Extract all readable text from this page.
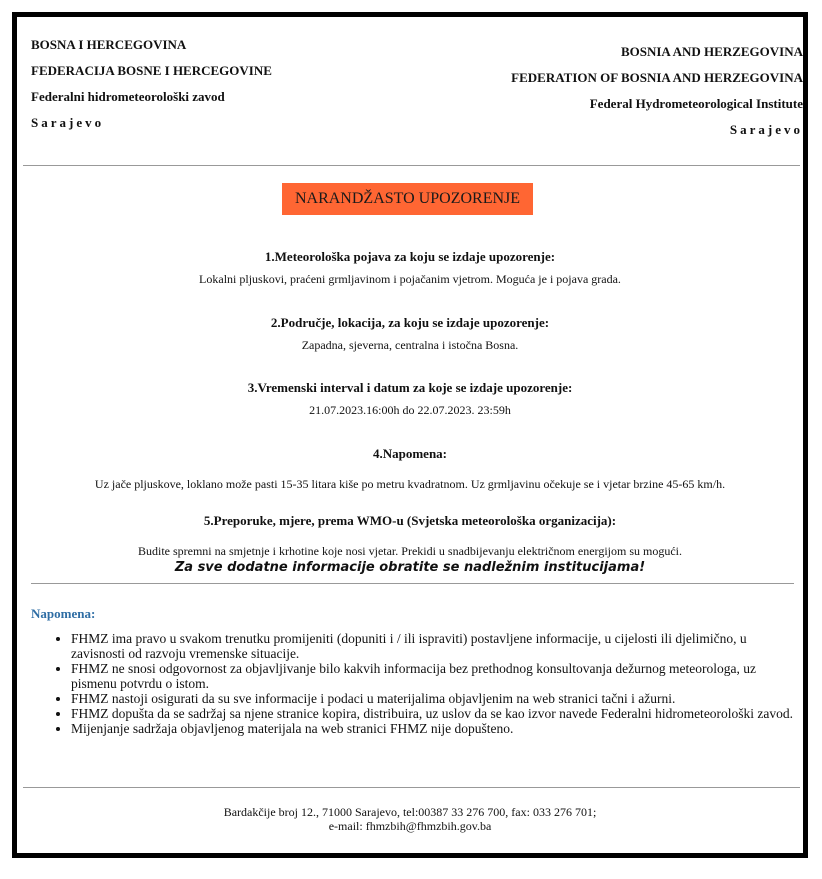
BOSNA I HERCEGOVINA
FEDERACIJA BOSNE I HERCEGOVINE
Federalni hidrometeorološki zavod
Sarajevo
BOSNIA AND HERZEGOVINA
FEDERATION OF BOSNIA AND HERZEGOVINA
Federal Hydrometeorological Institute
Sarajevo
NARANDŽASTO UPOZORENJE
1.Meteorološka pojava za koju se izdaje upozorenje:
Lokalni pljuskovi, praćeni grmljavinom i pojačanim vjetrom. Moguća je i pojava grada.
2.Područje, lokacija, za koju se izdaje upozorenje:
Zapadna, sjeverna, centralna i istočna Bosna.
3.Vremenski interval i datum za koje se izdaje upozorenje:
21.07.2023.16:00h do 22.07.2023. 23:59h
4.Napomena:
Uz jače pljuskove, loklano može pasti 15-35 litara kiše po metru kvadratnom. Uz grmljavinu očekuje se i vjetar brzine 45-65 km/h.
5.Preporuke, mjere, prema WMO-u (Svjetska meteorološka organizacija):
Budite spremni na smjetnje i krhotine koje nosi vjetar. Prekidi u snadbijevanju električnom energijom su mogući.
Za sve dodatne informacije obratite se nadležnim institucijama!
Napomena:
• FHMZ ima pravo u svakom trenutku promijeniti (dopuniti i / ili ispraviti) postavljene informacije, u cijelosti ili djelimično, u zavisnosti od razvoju vremenske situacije.
• FHMZ ne snosi odgovornost za objavljivanje bilo kakvih informacija bez prethodnog konsultovanja dežurnog meteorologa, uz pismenu potvrdu o istom.
• FHMZ nastoji osigurati da su sve informacije i podaci u materijalima objavljenim na web stranici tačni i ažurni.
• FHMZ dopušta da se sadržaj sa njene stranice kopira, distribuira, uz uslov da se kao izvor navede Federalni hidrometeorološki zavod.
• Mijenjanje sadržaja objavljenog materijala na web stranici FHMZ nije dopušteno.
Bardakčije broj 12., 71000 Sarajevo, tel:00387 33 276 700, fax: 033 276 701;
e-mail: fhmzbih@fhmzbih.gov.ba
